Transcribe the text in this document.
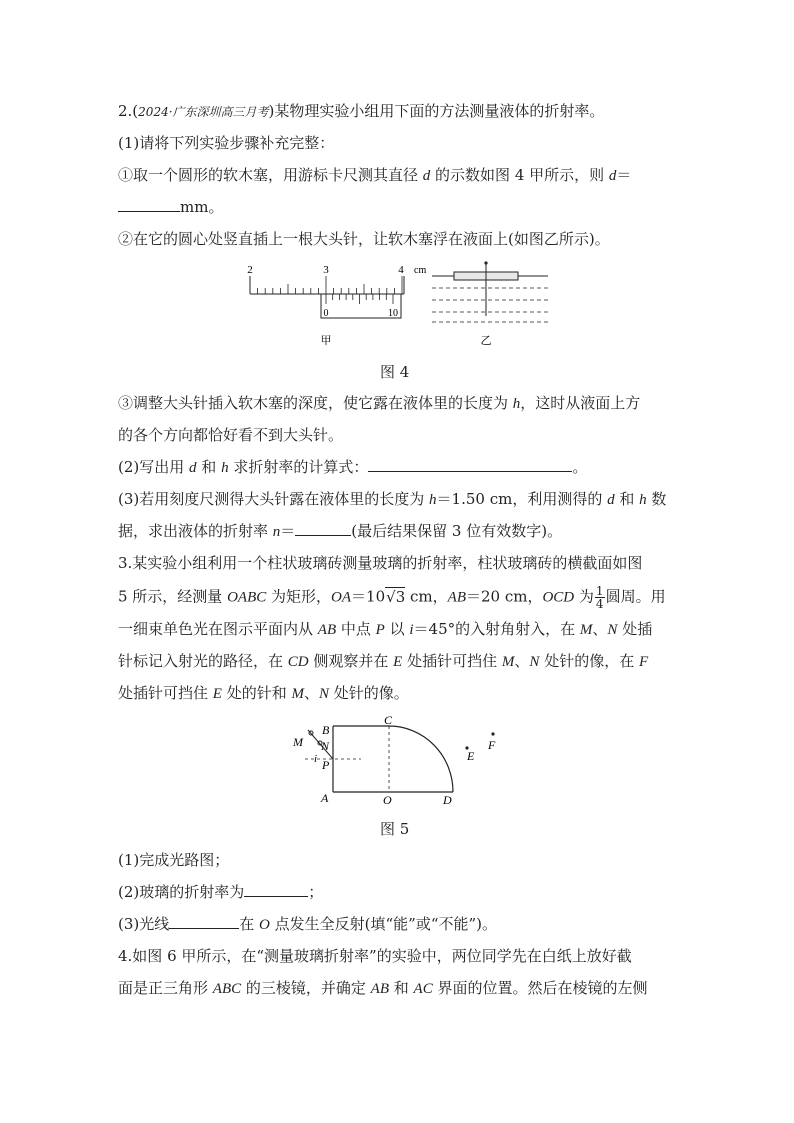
2.(2024·广东深圳高三月考)某物理实验小组用下面的方法测量液体的折射率。
(1)请将下列实验步骤补充完整：
①取一个圆形的软木塞，用游标卡尺测其直径 d 的示数如图 4 甲所示，则 d＝
mm。
②在它的圆心处竖直插上一根大头针，让软木塞浮在液面上(如图乙所示)。
2	3	4 cm
0	10
甲	乙
图 4
③调整大头针插入软木塞的深度，使它露在液体里的长度为 h，这时从液面上方
的各个方向都恰好看不到大头针。
(2)写出用 d 和 h 求折射率的计算式：	。
(3)若用刻度尺测得大头针露在液体里的长度为 h＝1.50 cm，利用测得的 d 和 h 数
据，求出液体的折射率 n＝	(最后结果保留 3 位有效数字)。
3.某实验小组利用一个柱状玻璃砖测量玻璃的折射率，柱状玻璃砖的横截面如图
5 所示，经测量 OABC 为矩形，OA＝10√3 cm，AB＝20 cm，OCD 为 $\frac{1}{4}$ 圆周。用
一细束单色光在图示平面内从 AB 中点 P 以 i＝45°的入射角射入，在 M、N 处插
针标记入射光的路径，在 CD 侧观察并在 E 处插针可挡住 M、N 处针的像，在 F
处插针可挡住 E 处的针和 M、N 处针的像。
M N
B
C
P
i
A	O	D
E
F
图 5
(1)完成光路图；
(2)玻璃的折射率为	；
(3)光线	在 O 点发生全反射(填“能”或“不能”)。
4.如图 6 甲所示，在“测量玻璃折射率”的实验中，两位同学先在白纸上放好截
面是正三角形 ABC 的三棱镜，并确定 AB 和 AC 界面的位置。然后在棱镜的左侧
